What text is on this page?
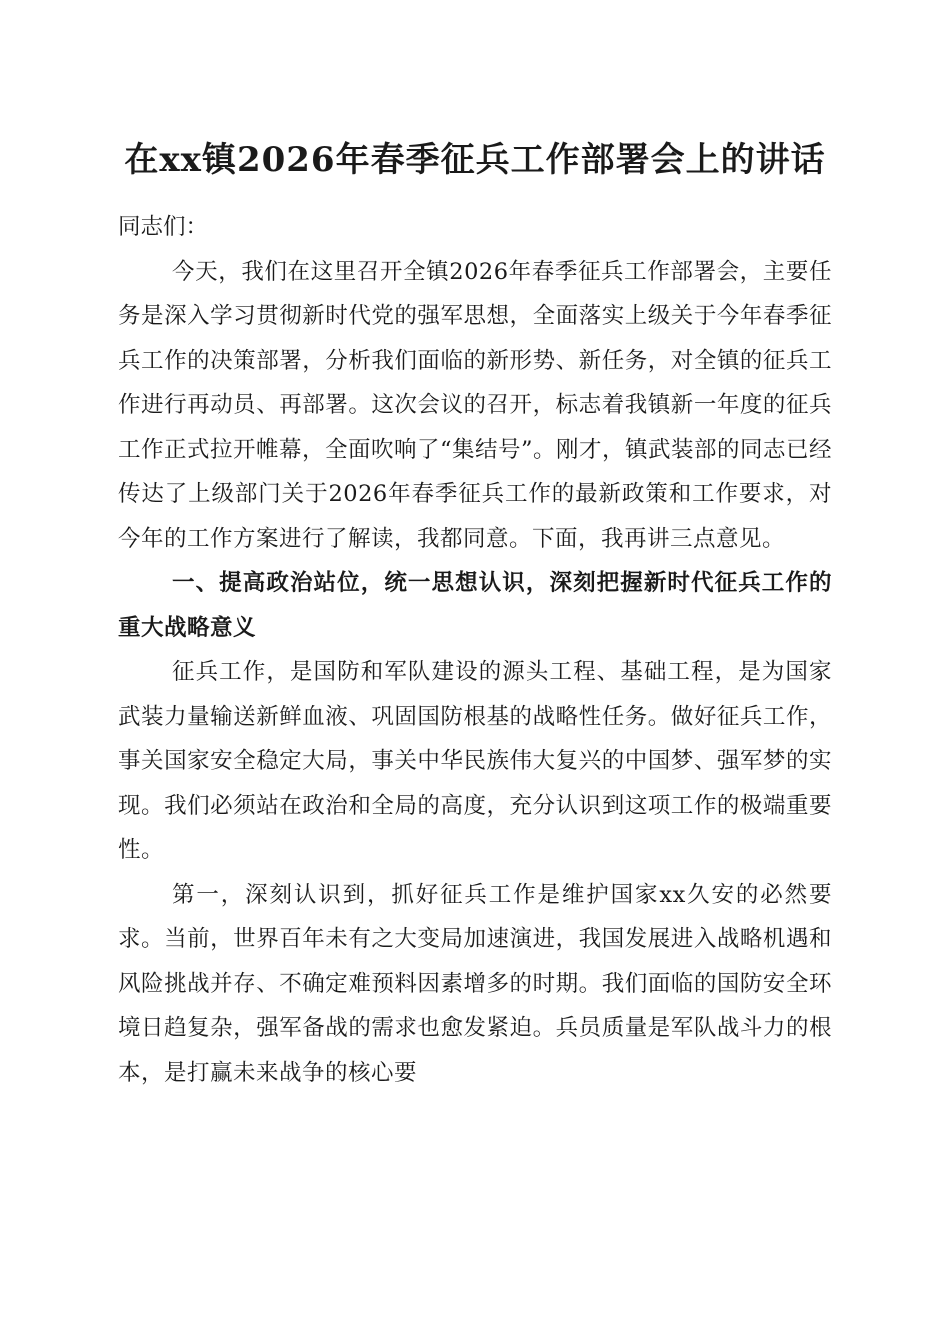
在xx镇2026年春季征兵工作部署会上的讲话

同志们：

今天，我们在这里召开全镇2026年春季征兵工作部署会，主要任务是深入学习贯彻新时代党的强军思想，全面落实上级关于今年春季征兵工作的决策部署，分析我们面临的新形势、新任务，对全镇的征兵工作进行再动员、再部署。这次会议的召开，标志着我镇新一年度的征兵工作正式拉开帷幕，全面吹响了“集结号”。刚才，镇武装部的同志已经传达了上级部门关于2026年春季征兵工作的最新政策和工作要求，对今年的工作方案进行了解读，我都同意。下面，我再讲三点意见。

一、提高政治站位，统一思想认识，深刻把握新时代征兵工作的重大战略意义

征兵工作，是国防和军队建设的源头工程、基础工程，是为国家武装力量输送新鲜血液、巩固国防根基的战略性任务。做好征兵工作，事关国家安全稳定大局，事关中华民族伟大复兴的中国梦、强军梦的实现。我们必须站在政治和全局的高度，充分认识到这项工作的极端重要性。

第一，深刻认识到，抓好征兵工作是维护国家xx久安的必然要求。当前，世界百年未有之大变局加速演进，我国发展进入战略机遇和风险挑战并存、不确定难预料因素增多的时期。我们面临的国防安全环境日趋复杂，强军备战的需求也愈发紧迫。兵员质量是军队战斗力的根本，是打赢未来战争的核心要
